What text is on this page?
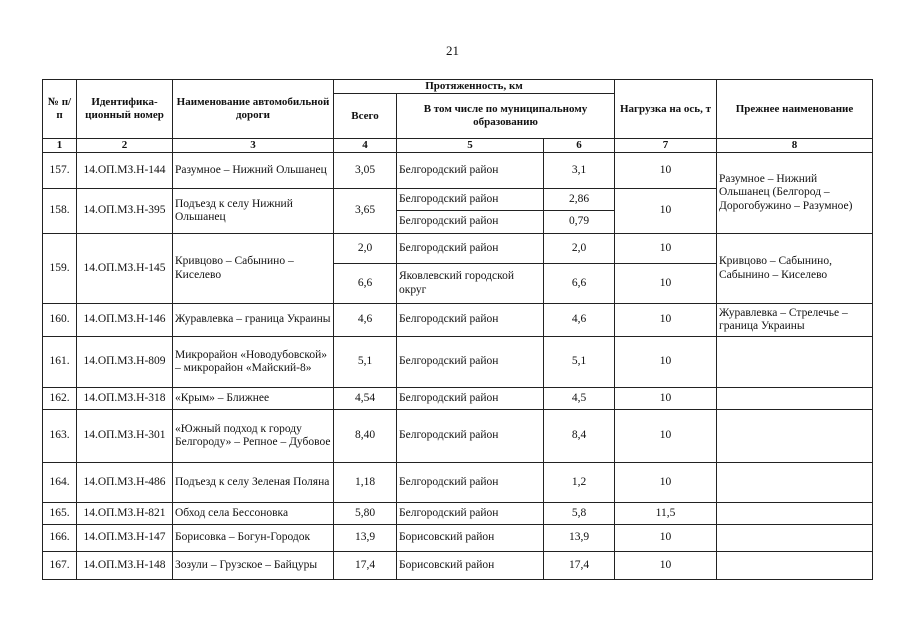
21
№ п/п	Идентифика-ционный номер	Наименование автомобильной дороги	Протяженность, км			Нагрузка на ось, т	Прежнее наименование
			Всего	В том числе по муниципальному образованию			
1	2	3	4	5	6	7	8
157.	14.ОП.МЗ.Н-144	Разумное – Нижний Ольшанец	3,05	Белгородский район	3,1	10	Разумное – Нижний Ольшанец (Белгород – Дорогобужино – Разумное)
158.	14.ОП.МЗ.Н-395	Подъезд к селу Нижний Ольшанец	3,65	Белгородский район	2,86	10	
				Белгородский район	0,79		
159.	14.ОП.МЗ.Н-145	Кривцово – Сабынино – Киселево	2,0	Белгородский район	2,0	10	Кривцово – Сабынино, Сабынино – Киселево
			6,6	Яковлевский городской округ	6,6	10	
160.	14.ОП.МЗ.Н-146	Журавлевка – граница Украины	4,6	Белгородский район	4,6	10	Журавлевка – Стрелечье – граница Украины
161.	14.ОП.МЗ.Н-809	Микрорайон «Новодубовской» – микрорайон «Майский-8»	5,1	Белгородский район	5,1	10	
162.	14.ОП.МЗ.Н-318	«Крым» – Ближнее	4,54	Белгородский район	4,5	10	
163.	14.ОП.МЗ.Н-301	«Южный подход к городу Белгороду» – Репное – Дубовое	8,40	Белгородский район	8,4	10	
164.	14.ОП.МЗ.Н-486	Подъезд к селу Зеленая Поляна	1,18	Белгородский район	1,2	10	
165.	14.ОП.МЗ.Н-821	Обход села Бессоновка	5,80	Белгородский район	5,8	11,5	
166.	14.ОП.МЗ.Н-147	Борисовка – Богун-Городок	13,9	Борисовский район	13,9	10	
167.	14.ОП.МЗ.Н-148	Зозули – Грузское – Байцуры	17,4	Борисовский район	17,4	10	
